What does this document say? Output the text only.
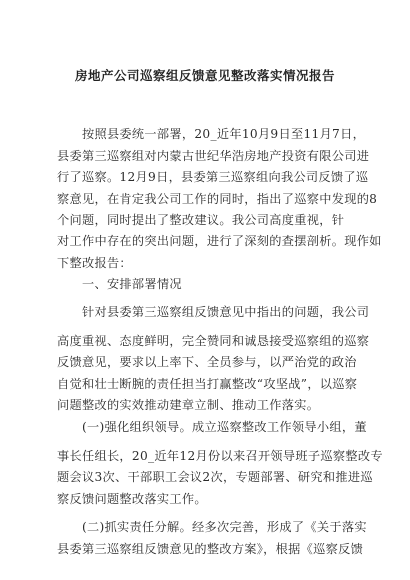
房地产公司巡察组反馈意见整改落实情况报告
　　按照县委统一部署，20_近年10月9日至11月7日，
县委第三巡察组对内蒙古世纪华浩房地产投资有限公司进
行了巡察。12月9日，县委第三巡察组向我公司反馈了巡
察意见，在肯定我公司工作的同时，指出了巡察中发现的8
个问题，同时提出了整改建议。我公司高度重视，针
对工作中存在的突出问题，进行了深刻的查摆剖析。现作如
下整改报告：
　　一、安排部署情况
　　针对县委第三巡察组反馈意见中指出的问题，我公司
高度重视、态度鲜明，完全赞同和诚恳接受巡察组的巡察
反馈意见，要求以上率下、全员参与，以严治党的政治
自觉和壮士断腕的责任担当打赢整改“攻坚战”，以巡察
问题整改的实效推动建章立制、推动工作落实。
　　(一)强化组织领导。成立巡察整改工作领导小组，董
事长任组长，20_近年12月份以来召开领导班子巡察整改专
题会议3次、干部职工会议2次，专题部署、研究和推进巡
察反馈问题整改落实工作。
　　(二)抓实责任分解。经多次完善，形成了《关于落实
县委第三巡察组反馈意见的整改方案》，根据《巡察反馈
